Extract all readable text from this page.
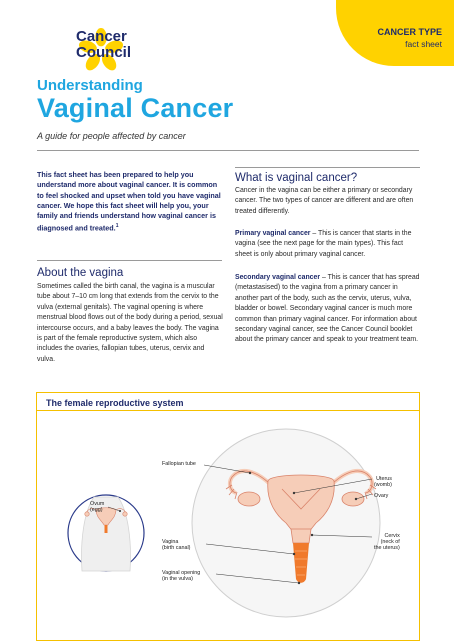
Cancer
Council
CANCER TYPE
fact sheet
Understanding
Vaginal Cancer
A guide for people affected by cancer
This fact sheet has been prepared to help you understand more about vaginal cancer. It is common to feel shocked and upset when told you have vaginal cancer. We hope this fact sheet will help you, your family and friends understand how vaginal cancer is diagnosed and treated.$^1$
About the vagina
Sometimes called the birth canal, the vagina is a muscular tube about 7–10 cm long that extends from the cervix to the vulva (external genitals). The vaginal opening is where menstrual blood flows out of the body during a period, sexual intercourse occurs, and a baby leaves the body. The vagina is part of the female reproductive system, which also includes the ovaries, fallopian tubes, uterus, cervix and vulva.
What is vaginal cancer?
Cancer in the vagina can be either a primary or secondary cancer. The two types of cancer are different and are often treated differently.
Primary vaginal cancer – This is cancer that starts in the vagina (see the next page for the main types). This fact sheet is only about primary vaginal cancer.
Secondary vaginal cancer – This is cancer that has spread (metastasised) to the vagina from a primary cancer in another part of the body, such as the cervix, uterus, vulva, bladder or bowel. Secondary vaginal cancer is much more common than primary vaginal cancer. For information about secondary vaginal cancer, see the Cancer Council booklet about the primary cancer and speak to your treatment team.
The female reproductive system
Fallopian tube
Ovum
(egg)
Vagina
(birth canal)
Vaginal opening
(in the vulva)
Uterus
(womb)
Ovary
Cervix
(neck of
the uterus)
